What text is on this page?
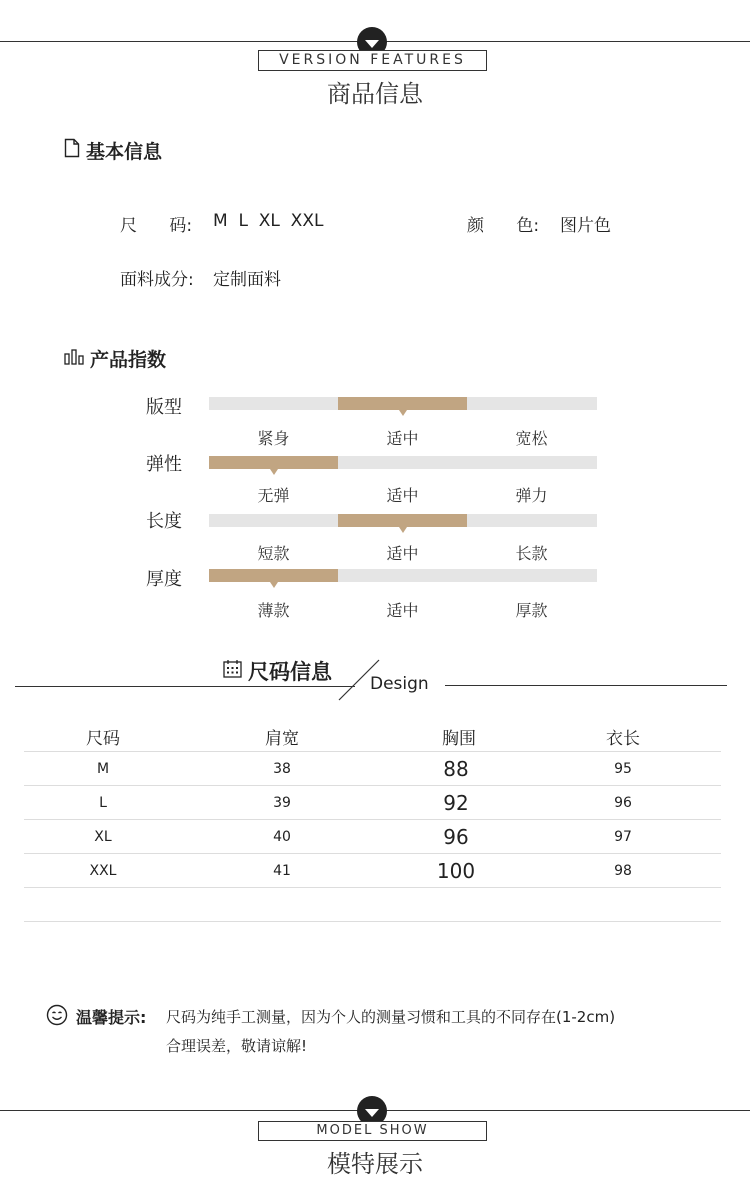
VERSION FEATURES
商品信息
基本信息
尺      码: M  L  XL  XXL	颜      色: 图片色
面料成分: 定制面料
产品指数
版型
紧身	适中	宽松
弹性
无弹	适中	弹力
长度
短款	适中	长款
厚度
薄款	适中	厚款
尺码信息 Design
尺码	肩宽	胸围	衣长
M	38	88	95
L	39	92	96
XL	40	96	97
XXL	41	100	98
温馨提示: 尺码为纯手工测量，因为个人的测量习惯和工具的不同存在(1-2cm)
合理误差，敬请谅解!
MODEL SHOW
模特展示
